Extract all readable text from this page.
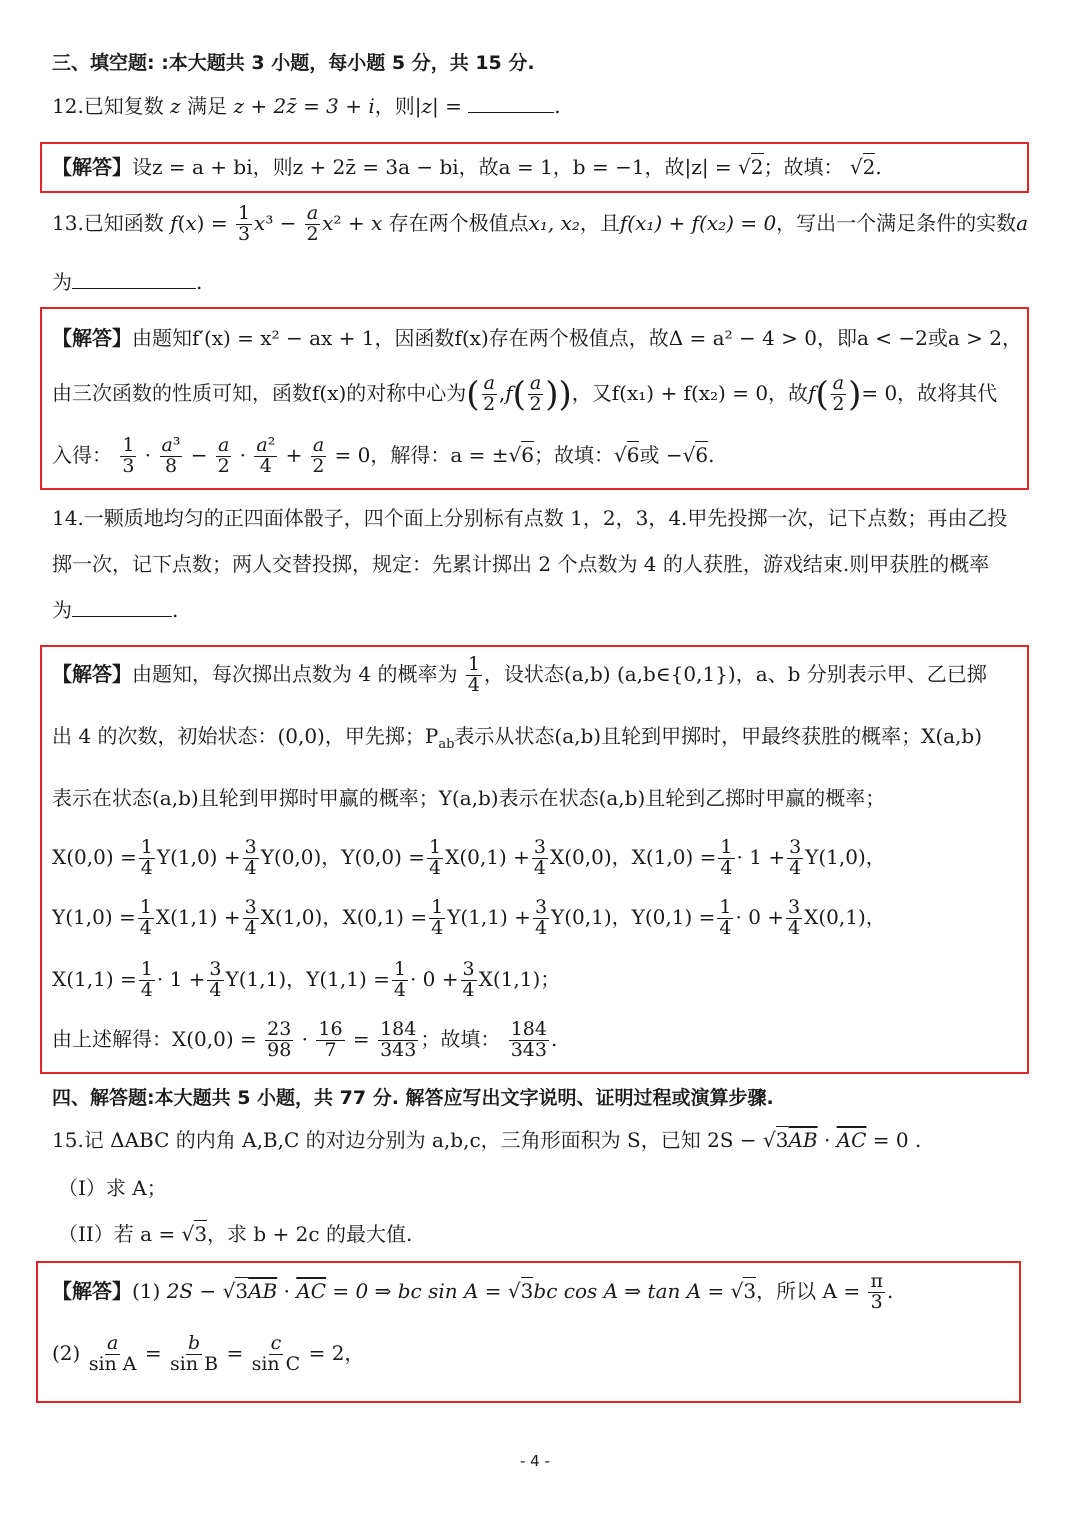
三、填空题: :本大题共 3 小题，每小题 5 分，共 15 分.
12.已知复数 z 满足 z + 2z̄ = 3 + i，则|z| =	.
【解答】设z = a + bi，则z + 2z̄ = 3a − bi，故a = 1，b = −1，故|z| = √2；故填： √2.
13.已知函数 $f(x) = \frac{1}{3} x^3 - \frac{a}{2} x^2 + x$ 存在两个极值点x₁, x₂，且f(x₁) + f(x₂) = 0，写出一个满足条件的实数a
为	.
【解答】由题知f′(x) = x² − ax + 1，因函数f(x)存在两个极值点，故Δ = a² − 4 > 0，即a < −2或a > 2，
由三次函数的性质可知，函数f(x)的对称中心为( $\frac{a}{2} ,f( \frac{a}{2}$ ))，又f(x₁) + f(x₂) = 0，故$f( \frac{a}{2}$ )= 0，故将其代
入得： $\frac{1}{3} \cdot \frac{\text{a³}}{8} - \frac{a}{2} \cdot \frac{\text{a²}}{4} + \frac{a}{2} = 0$，解得：a = ±√6；故填：√6或 −√6.
14.一颗质地均匀的正四面体骰子，四个面上分别标有点数 1，2，3，4.甲先投掷一次，记下点数；再由乙投
掷一次，记下点数；两人交替投掷，规定：先累计掷出 2 个点数为 4 的人获胜，游戏结束.则甲获胜的概率
为	.
【解答】由题知，每次掷出点数为 4 的概率为 $\frac{1}{4}$ ，设状态(a,b) (a,b∈{0,1})，a、b 分别表示甲、乙已掷
出 4 的次数，初始状态：(0,0)，甲先掷；$P_{ab}$表示从状态(a,b)且轮到甲掷时，甲最终获胜的概率；X(a,b)
表示在状态(a,b)且轮到甲掷时甲赢的概率；Y(a,b)表示在状态(a,b)且轮到乙掷时甲赢的概率；
$X(0,0) = \frac{1}{4} Y(1,0) + \frac{3}{4} Y(0,0)$，$Y(0,0) = \frac{1}{4} X(0,1) + \frac{3}{4} X(0,0)$，$X(1,0) = \frac{1}{4} \cdot 1 + \frac{3}{4} Y(1,0)$，
$Y(1,0) = \frac{1}{4} X(1,1) + \frac{3}{4} X(1,0)$，$X(0,1) = \frac{1}{4} Y(1,1) + \frac{3}{4} Y(0,1)$，$Y(0,1) = \frac{1}{4} \cdot 0 + \frac{3}{4} X(0,1)$，
$X(1,1) = \frac{1}{4} \cdot 1 + \frac{3}{4} Y(1,1)$，$Y(1,1) = \frac{1}{4} \cdot 0 + \frac{3}{4} X(1,1)$；
由上述解得：$X(0,0) = \frac{23}{98} \cdot \frac{16}{7} = \frac{184}{343}$ ；故填： $\frac{184}{343}$ .
四、解答题:本大题共 5 小题，共 77 分. 解答应写出文字说明、证明过程或演算步骤.
15.记 ΔABC 的内角 A,B,C 的对边分别为 a,b,c，三角形面积为 S，已知 $2S - √3\overline{AB} \cdot \overline{AC} = 0$ .
（I）求 A；
（II）若 a = √3，求 b + 2c 的最大值.
【解答】(1) $2S - √3\overline{AB} \cdot \overline{AC} = 0$ ⇒ bc sin A = √3bc cos A ⇒ tan A = √3，所以 $A = \frac{\pi}{3}$ .
$(2) \frac{a}{\text{sin A}} = \frac{b}{\text{sin B}} = \frac{c}{\text{sin C}} = 2$，
- 4 -
